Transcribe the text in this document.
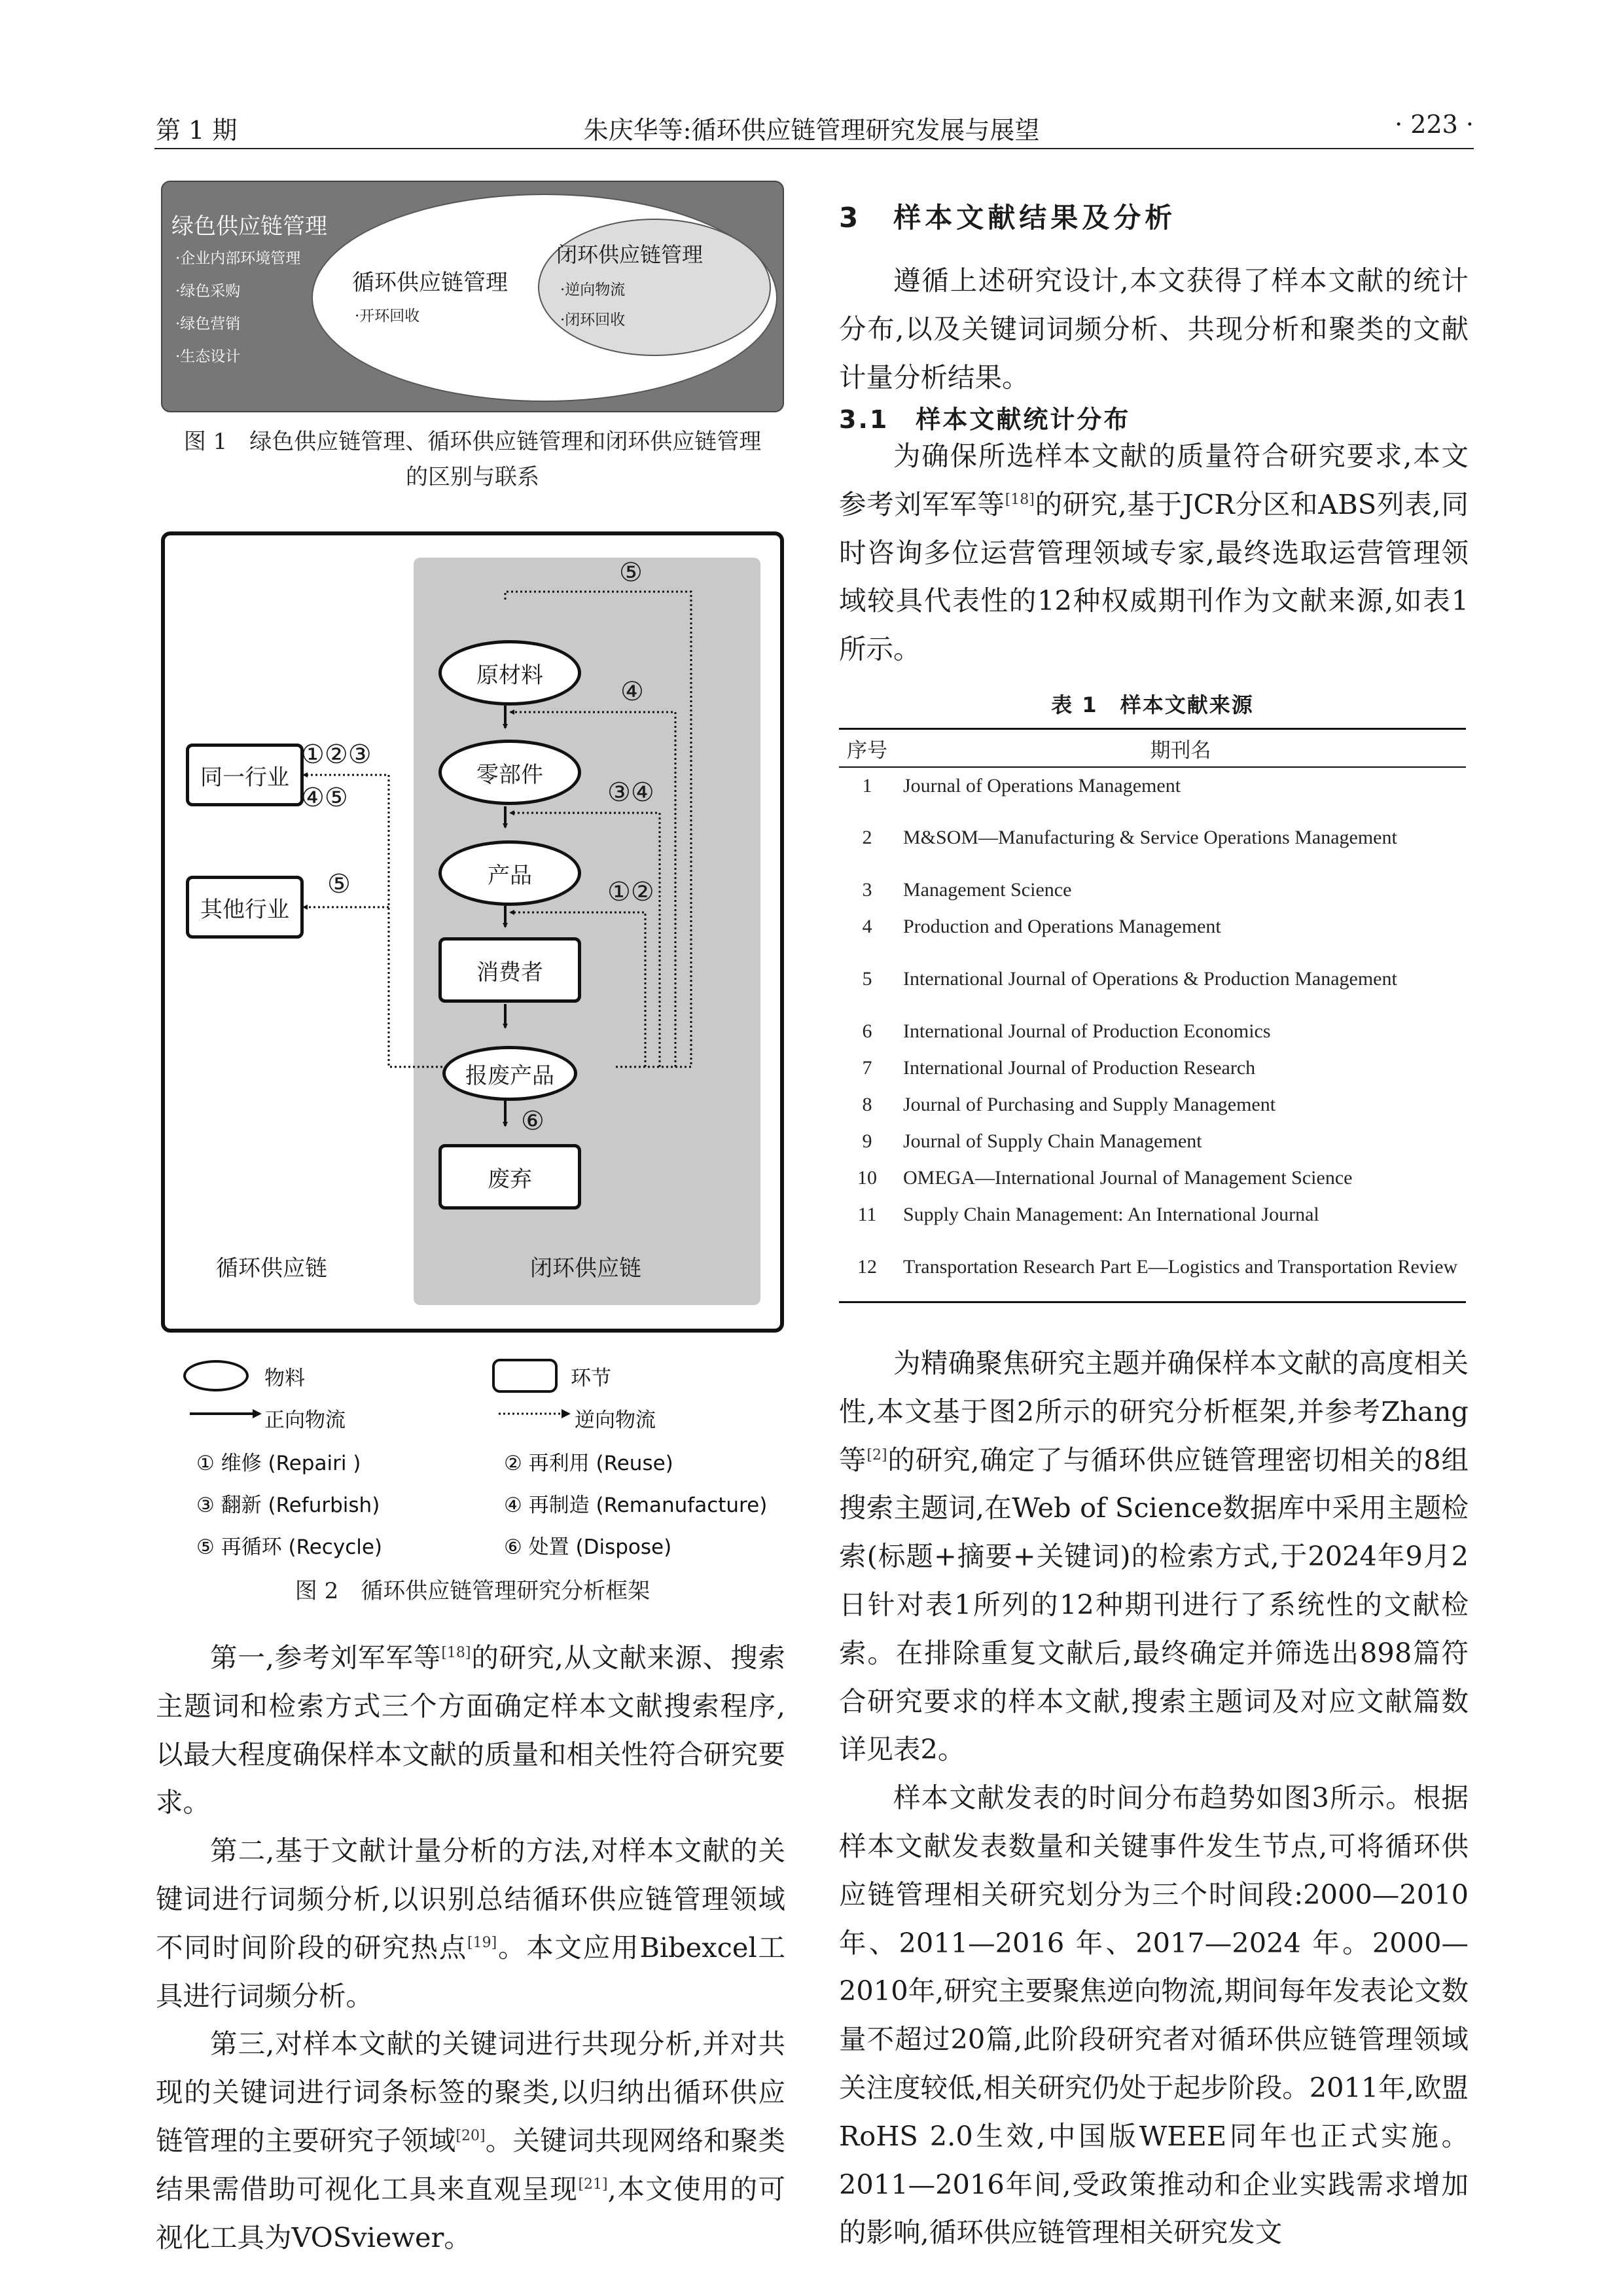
第 1 期	朱庆华等:循环供应链管理研究发展与展望	· 223 ·
绿色供应链管理
·企业内部环境管理
·绿色采购
·绿色营销
·生态设计
循环供应链管理
·开环回收
闭环供应链管理
·逆向物流
·闭环回收
图 1　绿色供应链管理、循环供应链管理和闭环供应链管理
的区别与联系
原材料
零部件
产品
消费者
报废产品
废弃
同一行业
其他行业
⑤
④
③④
①②
⑥
①②③
④⑤
⑤
循环供应链	闭环供应链
物料	环节
正向物流	逆向物流
① 维修 (Repairi )	② 再利用 (Reuse)
③ 翻新 (Refurbish)	④ 再制造 (Remanufacture)
⑤ 再循环 (Recycle)	⑥ 处置 (Dispose)
图 2　循环供应链管理研究分析框架

第一,参考刘军军等[18]的研究,从文献来源、搜索主题词和检索方式三个方面确定样本文献搜索程序,以最大程度确保样本文献的质量和相关性符合研究要求。

第二,基于文献计量分析的方法,对样本文献的关键词进行词频分析,以识别总结循环供应链管理领域不同时间阶段的研究热点[19]。本文应用Bibexcel工具进行词频分析。

第三,对样本文献的关键词进行共现分析,并对共现的关键词进行词条标签的聚类,以归纳出循环供应链管理的主要研究子领域[20]。关键词共现网络和聚类结果需借助可视化工具来直观呈现[21],本文使用的可视化工具为VOSviewer。

3　样本文献结果及分析

遵循上述研究设计,本文获得了样本文献的统计分布,以及关键词词频分析、共现分析和聚类的文献计量分析结果。

3.1　样本文献统计分布

为确保所选样本文献的质量符合研究要求,本文参考刘军军等[18]的研究,基于JCR分区和ABS列表,同时咨询多位运营管理领域专家,最终选取运营管理领域较具代表性的12种权威期刊作为文献来源,如表1所示。

表 1　样本文献来源
序号	期刊名
1	Journal of Operations Management
2	M&SOM—Manufacturing & Service Operations Management
3	Management Science
4	Production and Operations Management
5	International Journal of Operations & Production Management
6	International Journal of Production Economics
7	International Journal of Production Research
8	Journal of Purchasing and Supply Management
9	Journal of Supply Chain Management
10	OMEGA—International Journal of Management Science
11	Supply Chain Management: An International Journal
12	Transportation Research Part E—Logistics and Transportation Review

为精确聚焦研究主题并确保样本文献的高度相关性,本文基于图2所示的研究分析框架,并参考Zhang等[2]的研究,确定了与循环供应链管理密切相关的8组搜索主题词,在Web of Science数据库中采用主题检索(标题+摘要+关键词)的检索方式,于2024年9月2日针对表1所列的12种期刊进行了系统性的文献检索。在排除重复文献后,最终确定并筛选出898篇符合研究要求的样本文献,搜索主题词及对应文献篇数详见表2。

样本文献发表的时间分布趋势如图3所示。根据样本文献发表数量和关键事件发生节点,可将循环供应链管理相关研究划分为三个时间段:2000—2010 年、2011—2016 年、2017—2024 年。2000—2010年,研究主要聚焦逆向物流,期间每年发表论文数量不超过20篇,此阶段研究者对循环供应链管理领域关注度较低,相关研究仍处于起步阶段。2011年,欧盟RoHS 2.0生效,中国版WEEE同年也正式实施。2011—2016年间,受政策推动和企业实践需求增加的影响,循环供应链管理相关研究发文
